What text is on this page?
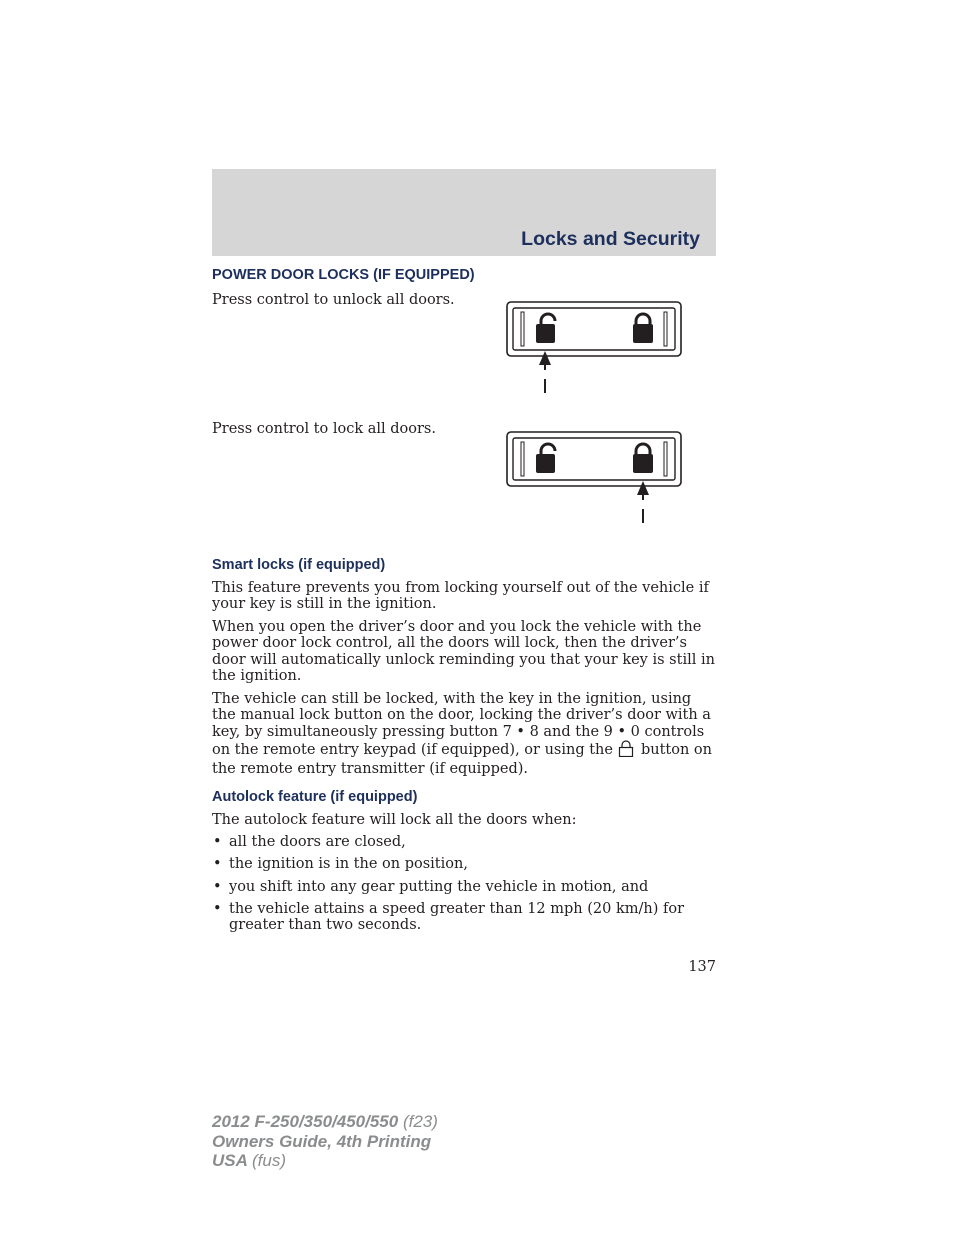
Locks and Security
POWER DOOR LOCKS (IF EQUIPPED)
Press control to unlock all doors.
Press control to lock all doors.
Smart locks (if equipped)

This feature prevents you from locking yourself out of the vehicle if your key is still in the ignition.

When you open the driver’s door and you lock the vehicle with the power door lock control, all the doors will lock, then the driver’s door will automatically unlock reminding you that your key is still in the ignition.

The vehicle can still be locked, with the key in the ignition, using the manual lock button on the door, locking the driver’s door with a key, by simultaneously pressing button 7 • 8 and the 9 • 0 controls on the remote entry keypad (if equipped), or using the button on the remote entry transmitter (if equipped).

Autolock feature (if equipped)
The autolock feature will lock all the doors when:
• all the doors are closed,
• the ignition is in the on position,
• you shift into any gear putting the vehicle in motion, and
• the vehicle attains a speed greater than 12 mph (20 km/h) for greater than two seconds.
137
2012 F-250/350/450/550 (f23)
Owners Guide, 4th Printing
USA (fus)
